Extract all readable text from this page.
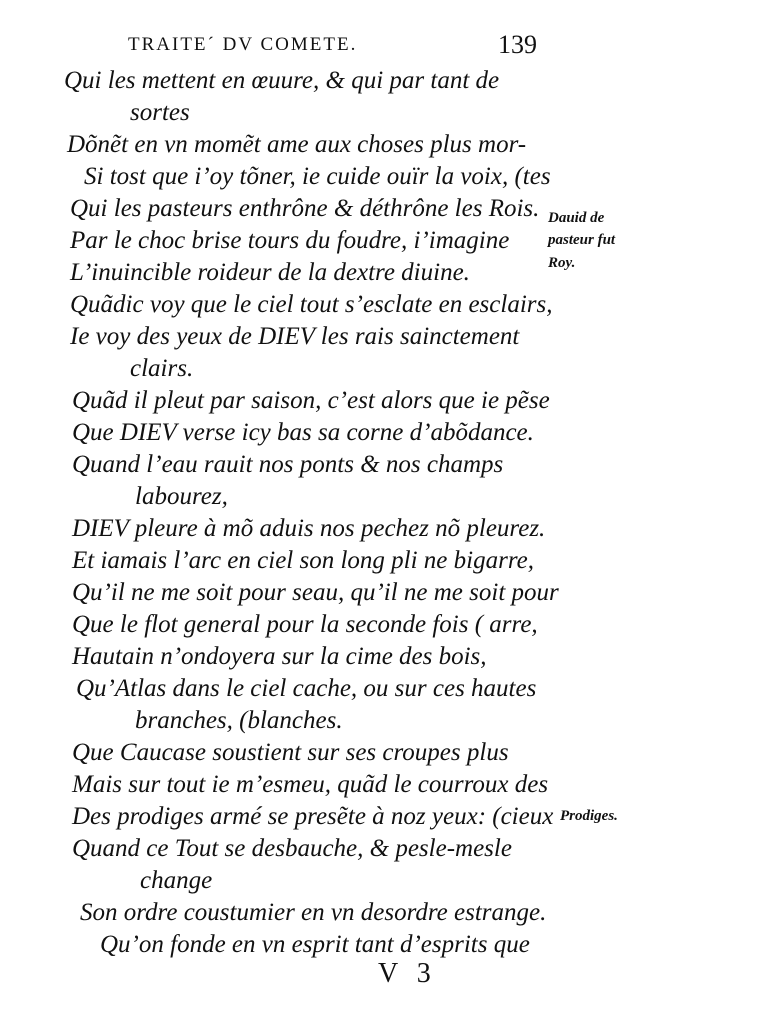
TRAITE´ DV COMETE.	139
Qui les mettent en œuure, & qui par tant de
sortes
Dõnẽt en vn momẽt ame aux choses plus mor-
Si tost que i’oy tõner, ie cuide ouïr la voix, (tes
Qui les pasteurs enthrône & déthrône les Rois.
Par le choc brise tours du foudre, i’imagine
L’inuincible roideur de la dextre diuine.
Quãdic voy que le ciel tout s’esclate en esclairs,
Ie voy des yeux de DIEV les rais sainctement
clairs.
Quãd il pleut par saison, c’est alors que ie pẽse
Que DIEV verse icy bas sa corne d’abõdance.
Quand l’eau rauit nos ponts & nos champs
labourez,
DIEV pleure à mõ aduis nos pechez nõ pleurez.
Et iamais l’arc en ciel son long pli ne bigarre,
Qu’il ne me soit pour seau, qu’il ne me soit pour
Que le flot general pour la seconde fois ( arre,
Hautain n’ondoyera sur la cime des bois,
Qu’Atlas dans le ciel cache, ou sur ces hautes
branches, (blanches.
Que Caucase soustient sur ses croupes plus
Mais sur tout ie m’esmeu, quãd le courroux des
Des prodiges armé se presẽte à noz yeux: (cieux
Quand ce Tout se desbauche, & pesle-mesle
change
Son ordre coustumier en vn desordre estrange.
Qu’on fonde en vn esprit tant d’esprits que
Dauid de
pasteur fut
Roy.
Prodiges.
V 3
